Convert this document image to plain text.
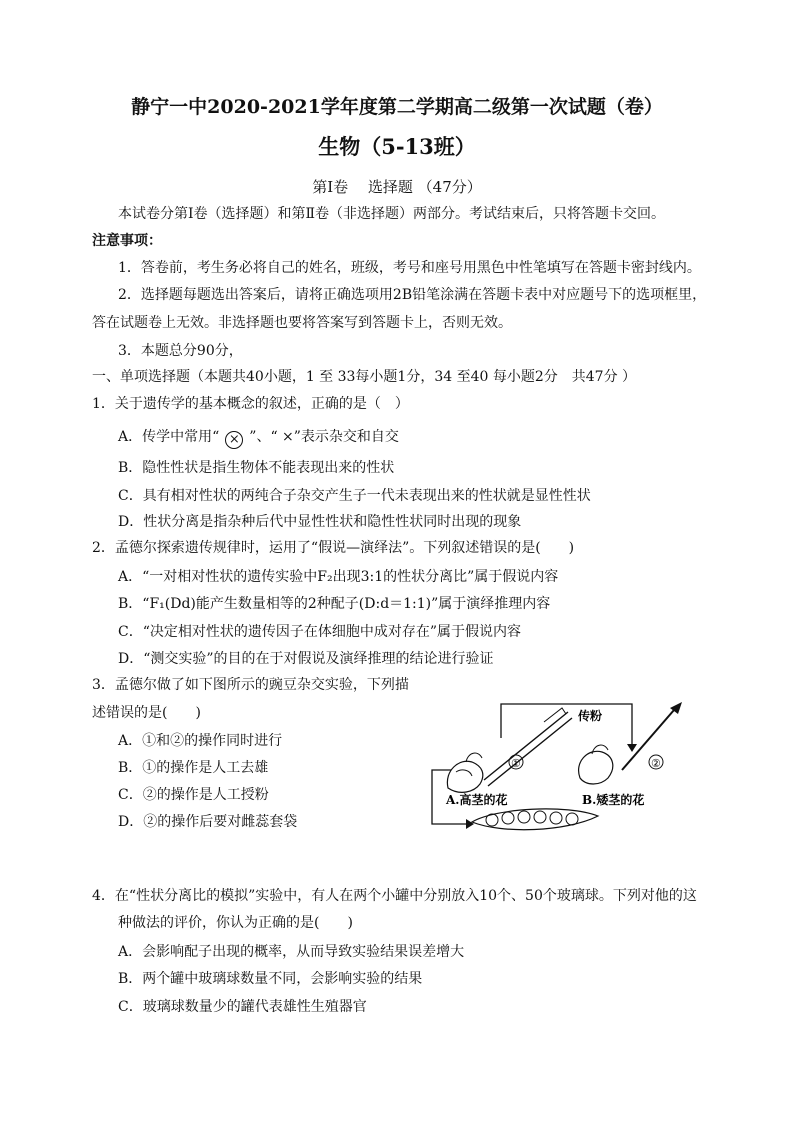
静宁一中2020-2021学年度第二学期高二级第一次试题（卷）
生物（5-13班）
第Ⅰ卷　 选择题 （47分）
本试卷分第Ⅰ卷（选择题）和第Ⅱ卷（非选择题）两部分。考试结束后，只将答题卡交回。
注意事项：
1．答卷前，考生务必将自己的姓名，班级，考号和座号用黑色中性笔填写在答题卡密封线内。
2．选择题每题选出答案后，请将正确选项用2B铅笔涂满在答题卡表中对应题号下的选项框里，
答在试题卷上无效。非选择题也要将答案写到答题卡上，否则无效。
3．本题总分90分，
一、单项选择题（本题共40小题，1 至 33每小题1分，34 至40 每小题2分　共47分 ）
1．关于遗传学的基本概念的叙述，正确的是（　）
A．传学中常用“ × ”、“ ×”表示杂交和自交
B．隐性性状是指生物体不能表现出来的性状
C．具有相对性状的两纯合子杂交产生子一代未表现出来的性状就是显性性状
D．性状分离是指杂种后代中显性性状和隐性性状同时出现的现象
2．孟德尔探索遗传规律时，运用了“假说—演绎法”。下列叙述错误的是(　　)
A．“一对相对性状的遗传实验中F₂出现3:1的性状分离比”属于假说内容
B．“F₁(Dd)能产生数量相等的2种配子(D:d＝1:1)”属于演绎推理内容
C．“决定相对性状的遗传因子在体细胞中成对存在”属于假说内容
D．“测交实验”的目的在于对假说及演绎推理的结论进行验证
3．孟德尔做了如下图所示的豌豆杂交实验，下列描
述错误的是(　　)
A．①和②的操作同时进行
B．①的操作是人工去雄
C．②的操作是人工授粉
D．②的操作后要对雌蕊套袋
传粉
①	②
A.高茎的花	B.矮茎的花
4．在“性状分离比的模拟”实验中，有人在两个小罐中分别放入10个、50个玻璃球。下列对他的这
种做法的评价，你认为正确的是(　　)
A．会影响配子出现的概率，从而导致实验结果误差增大
B．两个罐中玻璃球数量不同，会影响实验的结果
C．玻璃球数量少的罐代表雄性生殖器官
